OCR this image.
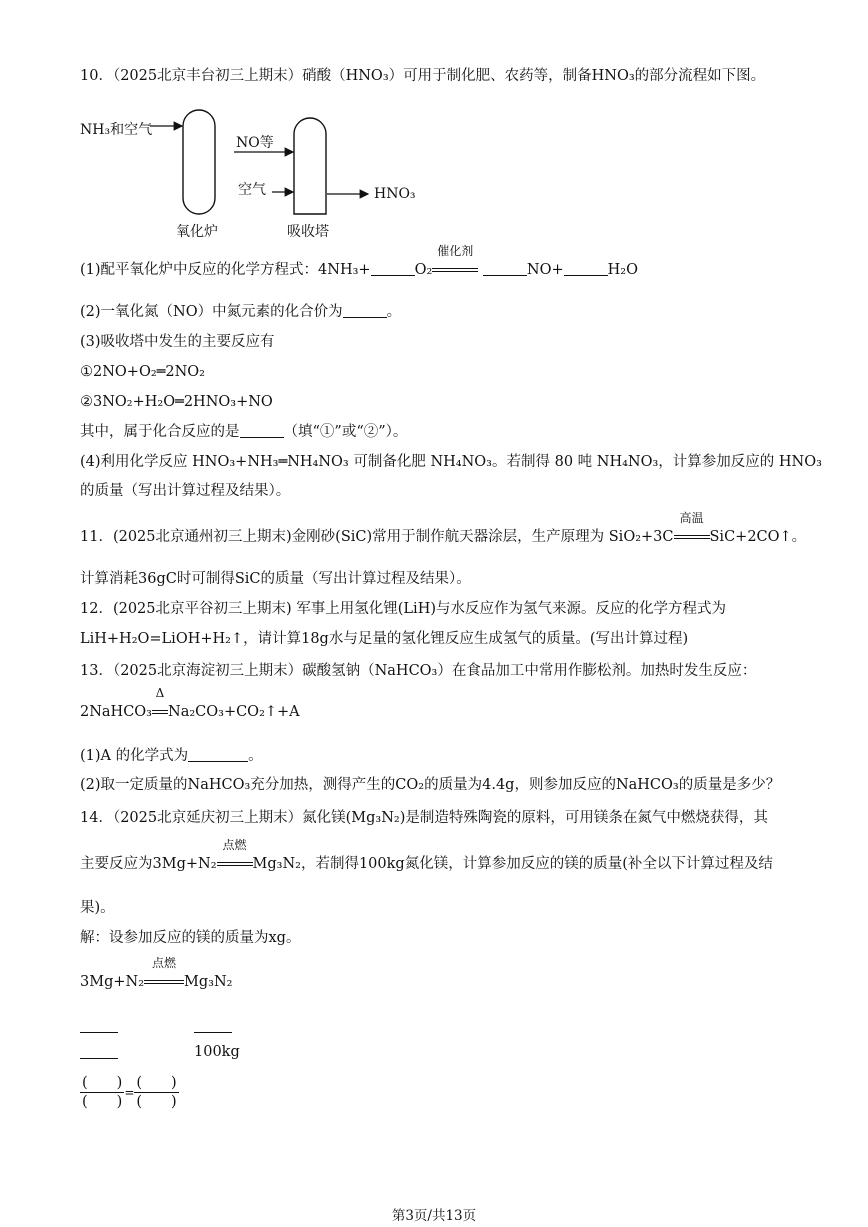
10．（2025北京丰台初三上期末）硝酸（HNO₃）可用于制化肥、农药等，制备HNO₃的部分流程如下图。
NH₃和空气
NO等
空气	HNO₃
氧化炉	吸收塔
(1)配平氧化炉中反应的化学方程式：4NH₃+	O₂
催化剂
NO+	H₂O
(2)一氧化氮（NO）中氮元素的化合价为	。
(3)吸收塔中发生的主要反应有
①2NO+O₂═2NO₂
②3NO₂+H₂O═2HNO₃+NO
其中，属于化合反应的是	（填“①”或“②”）。
(4)利用化学反应 HNO₃+NH₃═NH₄NO₃ 可制备化肥 NH₄NO₃。若制得 80 吨 NH₄NO₃，计算参加反应的 HNO₃
的质量（写出计算过程及结果）。
11．(2025北京通州初三上期末)金刚砂(SiC)常用于制作航天器涂层，生产原理为 SiO₂+3C
高温
SiC+2CO↑。
计算消耗36gC时可制得SiC的质量（写出计算过程及结果）。
12．(2025北京平谷初三上期末) 军事上用氢化锂(LiH)与水反应作为氢气来源。反应的化学方程式为
LiH+H₂O=LiOH+H₂↑，请计算18g水与足量的氢化锂反应生成氢气的质量。(写出计算过程)
13．（2025北京海淀初三上期末）碳酸氢钠（NaHCO₃）在食品加工中常用作膨松剂。加热时发生反应：
2NaHCO₃
Δ
Na₂CO₃+CO₂↑+A
(1)A 的化学式为	。
(2)取一定质量的NaHCO₃充分加热，测得产生的CO₂的质量为4.4g，则参加反应的NaHCO₃的质量是多少？
14．（2025北京延庆初三上期末）氮化镁(Mg₃N₂)是制造特殊陶瓷的原料，可用镁条在氮气中燃烧获得，其
主要反应为3Mg+N₂
点燃
Mg₃N₂，若制得100kg氮化镁，计算参加反应的镁的质量(补全以下计算过程及结
果)。
解：设参加反应的镁的质量为xg。
3Mg+N₂
点燃
Mg₃N₂
100kg
$\frac{( )}{( )} = \frac{( )}{( )}$
第3页/共13页
